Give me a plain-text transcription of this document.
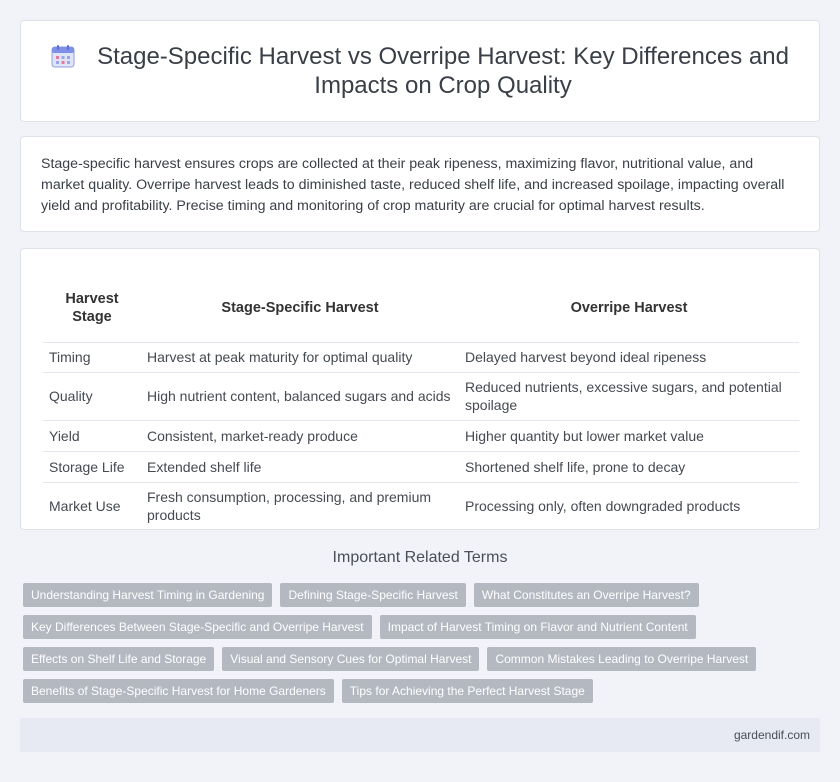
Stage-Specific Harvest vs Overripe Harvest: Key Differences and Impacts on Crop Quality

Stage-specific harvest ensures crops are collected at their peak ripeness, maximizing flavor, nutritional value, and market quality. Overripe harvest leads to diminished taste, reduced shelf life, and increased spoilage, impacting overall yield and profitability. Precise timing and monitoring of crop maturity are crucial for optimal harvest results.

Harvest Stage	Stage-Specific Harvest	Overripe Harvest
Timing	Harvest at peak maturity for optimal quality	Delayed harvest beyond ideal ripeness
Quality	High nutrient content, balanced sugars and acids	Reduced nutrients, excessive sugars, and potential spoilage
Yield	Consistent, market-ready produce	Higher quantity but lower market value
Storage Life	Extended shelf life	Shortened shelf life, prone to decay
Market Use	Fresh consumption, processing, and premium products	Processing only, often downgraded products
Important Related Terms
Understanding Harvest Timing in Gardening	Defining Stage-Specific Harvest	What Constitutes an Overripe Harvest?
Key Differences Between Stage-Specific and Overripe Harvest	Impact of Harvest Timing on Flavor and Nutrient Content
Effects on Shelf Life and Storage	Visual and Sensory Cues for Optimal Harvest	Common Mistakes Leading to Overripe Harvest
Benefits of Stage-Specific Harvest for Home Gardeners	Tips for Achieving the Perfect Harvest Stage
gardendif.com
